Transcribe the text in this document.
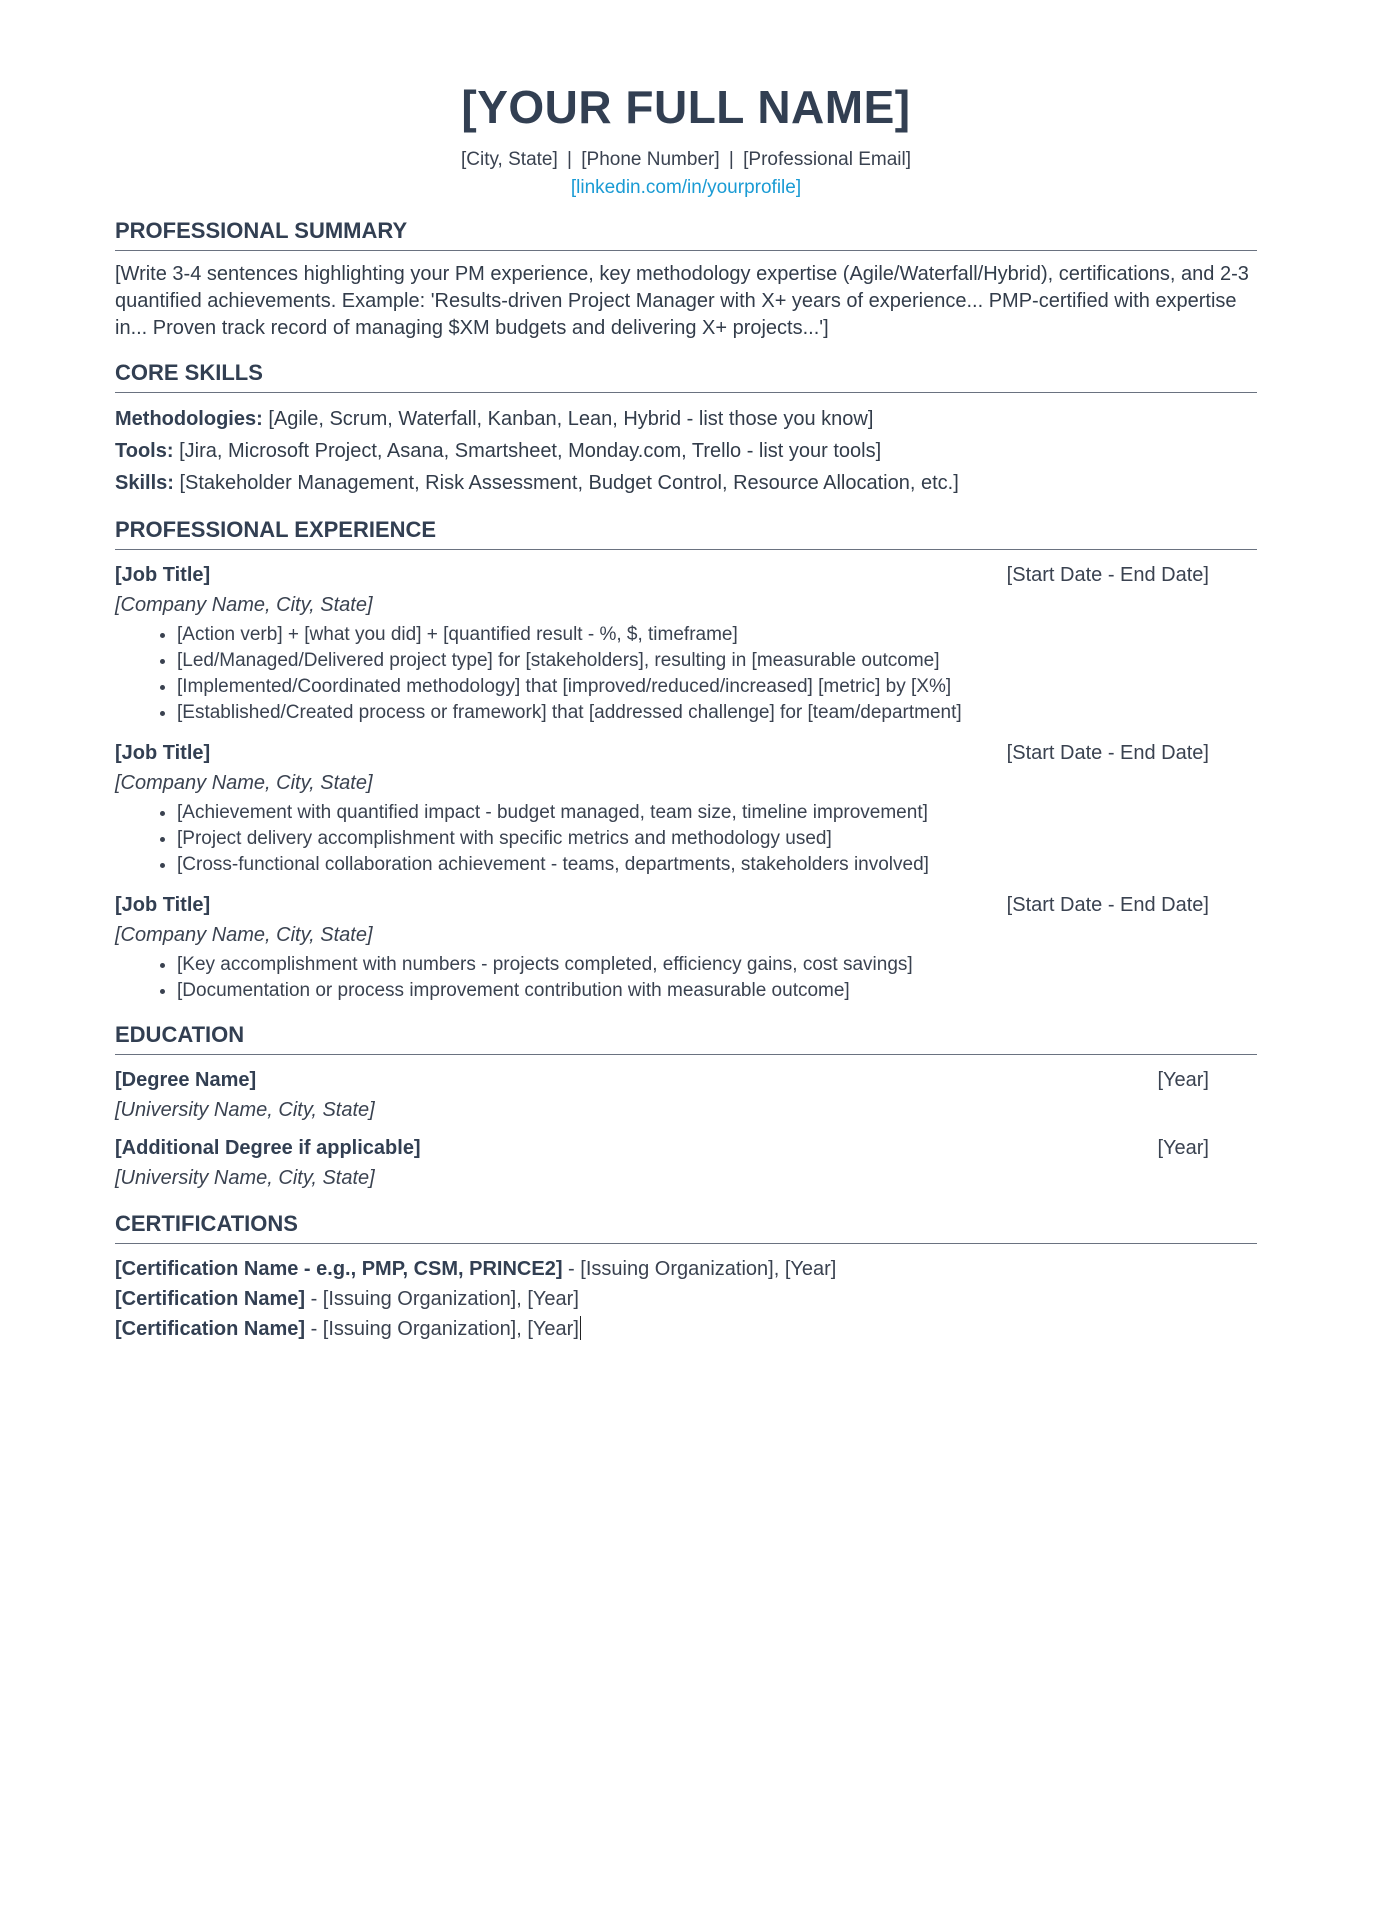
[YOUR FULL NAME]
[City, State] | [Phone Number] | [Professional Email]
[linkedin.com/in/yourprofile]
PROFESSIONAL SUMMARY

[Write 3-4 sentences highlighting your PM experience, key methodology expertise (Agile/Waterfall/Hybrid), certifications, and 2-3 quantified achievements. Example: 'Results-driven Project Manager with X+ years of experience... PMP-certified with expertise in... Proven track record of managing $XM budgets and delivering X+ projects...']

CORE SKILLS
Methodologies: [Agile, Scrum, Waterfall, Kanban, Lean, Hybrid - list those you know]
Tools: [Jira, Microsoft Project, Asana, Smartsheet, Monday.com, Trello - list your tools]
Skills: [Stakeholder Management, Risk Assessment, Budget Control, Resource Allocation, etc.]
PROFESSIONAL EXPERIENCE
[Job Title]	[Start Date - End Date]
[Company Name, City, State]
• [Action verb] + [what you did] + [quantified result - %, $, timeframe]
• [Led/Managed/Delivered project type] for [stakeholders], resulting in [measurable outcome]
• [Implemented/Coordinated methodology] that [improved/reduced/increased] [metric] by [X%]
• [Established/Created process or framework] that [addressed challenge] for [team/department]
[Job Title]	[Start Date - End Date]
[Company Name, City, State]
• [Achievement with quantified impact - budget managed, team size, timeline improvement]
• [Project delivery accomplishment with specific metrics and methodology used]
• [Cross-functional collaboration achievement - teams, departments, stakeholders involved]
[Job Title]	[Start Date - End Date]
[Company Name, City, State]
• [Key accomplishment with numbers - projects completed, efficiency gains, cost savings]
• [Documentation or process improvement contribution with measurable outcome]
EDUCATION
[Degree Name]	[Year]
[University Name, City, State]
[Additional Degree if applicable]	[Year]
[University Name, City, State]
CERTIFICATIONS
[Certification Name - e.g., PMP, CSM, PRINCE2] - [Issuing Organization], [Year]
[Certification Name] - [Issuing Organization], [Year]
[Certification Name] - [Issuing Organization], [Year]
